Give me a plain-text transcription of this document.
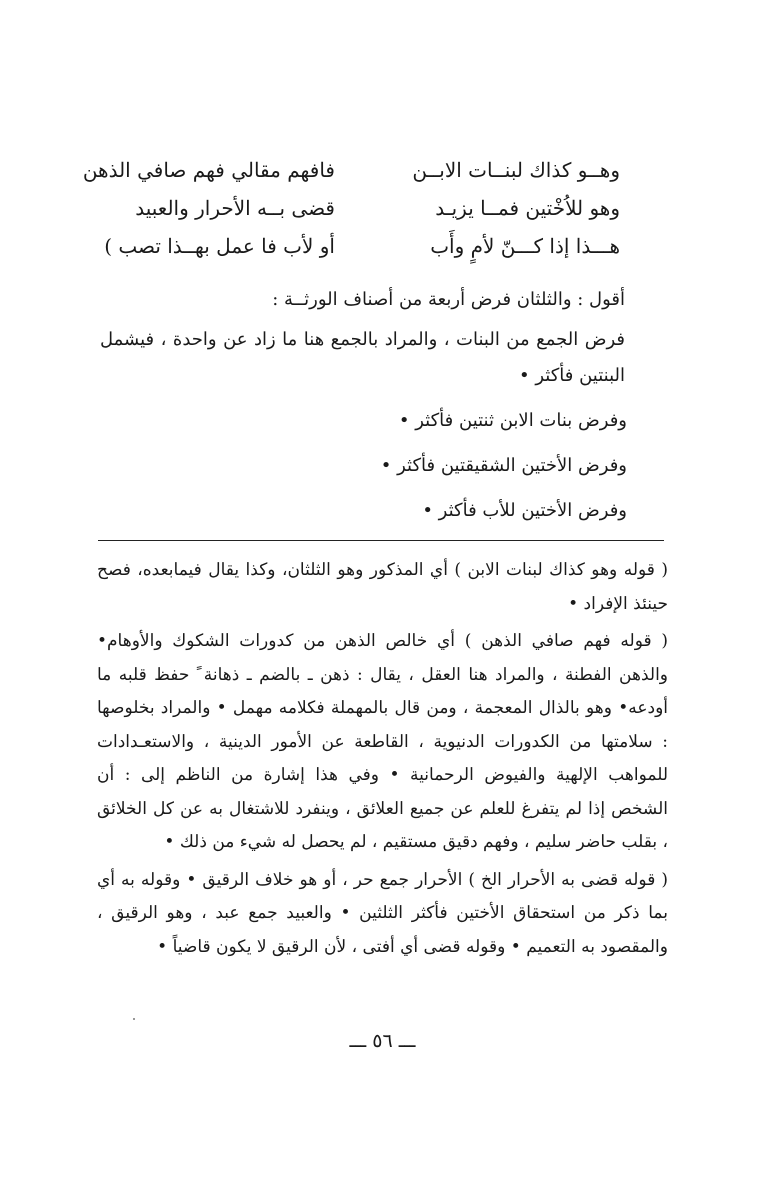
وهــو كذاك لبنــات الابــن
فافهم مقالي فهم صافي الذهن
وهو للاُخْتين فمــا يزيـد
قضى بــه الأحرار والعبيد
هـــذا إذا كـــنّ لأمٍ وأَب
أو لأب فا عمل بهــذا تصب )
أقول : والثلثان فرض أربعة من أصناف الورثــة :
فرض الجمع من البنات ، والمراد بالجمع هنا ما زاد عن واحدة ، فيشمل البنتين فأكثر •
وفرض بنات الابن ثنتين فأكثر •
وفرض الأختين الشقيقتين فأكثر •
وفرض الأختين للأب فأكثر •
( قوله وهو كذاك لبنات الابن ) أي المذكور وهو الثلثان، وكذا يقال فيمابعده، فصح حينئذ الإفراد •
( قوله فهم صافي الذهن ) أي خالص الذهن من كدورات الشكوك والأوهام• والذهن الفطنة ، والمراد هنا العقل ، يقال : ذهن ـ بالضم ـ ذهانة ً حفظ قلبه ما أودعه• وهو بالذال المعجمة ، ومن قال بالمهملة فكلامه مهمل • والمراد بخلوصها : سلامتها من الكدورات الدنيوية ، القاطعة عن الأمور الدينية ، والاستعـدادات للمواهب الإلهية والفيوض الرحمانية • وفي هذا إشارة من الناظم إلى : أن الشخص إذا لم يتفرغ للعلم عن جميع العلائق ، وينفرد للاشتغال به عن كل الخلائق ، بقلب حاضر سليم ، وفهم دقيق مستقيم ، لم يحصل له شيء من ذلك •
( قوله قضى به الأحرار الخ ) الأحرار جمع حر ، أو هو خلاف الرقيق • وقوله به أي بما ذكر من استحقاق الأختين فأكثر الثلثين • والعبيد جمع عبد ، وهو الرقيق ، والمقصود به التعميم • وقوله قضى أي أفتى ، لأن الرقيق لا يكون قاضياً •
ـــ ٥٦ ـــ
